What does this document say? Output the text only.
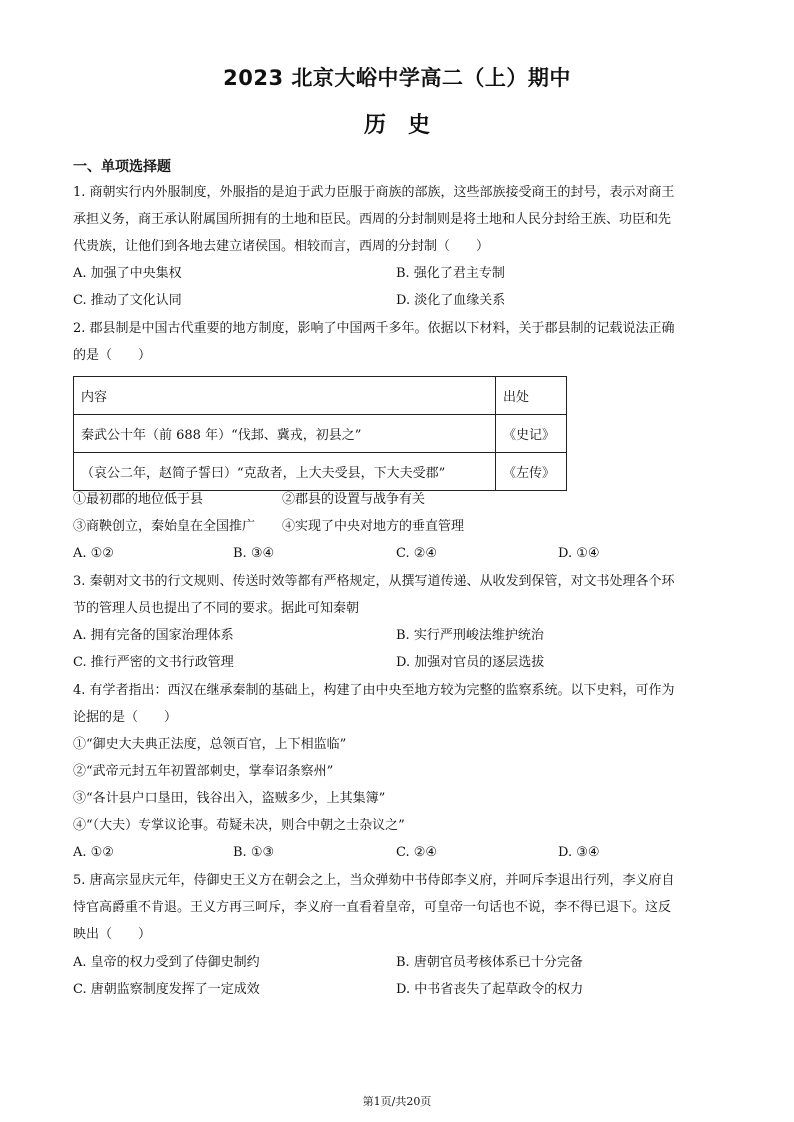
2023 北京大峪中学高二（上）期中
历　史
一、单项选择题
1. 商朝实行内外服制度，外服指的是迫于武力臣服于商族的部族，这些部族接受商王的封号，表示对商王
承担义务，商王承认附属国所拥有的土地和臣民。西周的分封制则是将土地和人民分封给王族、功臣和先
代贵族，让他们到各地去建立诸侯国。相较而言，西周的分封制（　　）
A. 加强了中央集权	B. 强化了君主专制
C. 推动了文化认同	D. 淡化了血缘关系
2. 郡县制是中国古代重要的地方制度，影响了中国两千多年。依据以下材料，关于郡县制的记载说法正确
的是（　　）
内容	出处
秦武公十年（前 688 年）“伐邽、冀戎，初县之”	《史记》
（哀公二年，赵简子誓曰）“克敌者，上大夫受县，下大夫受郡”	《左传》
①最初郡的地位低于县	②郡县的设置与战争有关
③商鞅创立，秦始皇在全国推广 ④实现了中央对地方的垂直管理
A. ①②	B. ③④	C. ②④	D. ①④
3. 秦朝对文书的行文规则、传送时效等都有严格规定，从撰写道传递、从收发到保管，对文书处理各个环
节的管理人员也提出了不同的要求。据此可知秦朝
A. 拥有完备的国家治理体系	B. 实行严刑峻法维护统治
C. 推行严密的文书行政管理	D. 加强对官员的逐层选拔
4. 有学者指出：西汉在继承秦制的基础上，构建了由中央至地方较为完整的监察系统。以下史料，可作为
论据的是（　　）
①“御史大夫典正法度，总领百官，上下相监临”
②“武帝元封五年初置部刺史，掌奉诏条察州”
③“各计县户口垦田，钱谷出入，盗贼多少，上其集簿”
④“（大夫）专掌议论事。苟疑未决，则合中朝之士杂议之”
A. ①②	B. ①③	C. ②④	D. ③④
5. 唐高宗显庆元年，侍御史王义方在朝会之上，当众弹劾中书侍郎李义府，并呵斥李退出行列，李义府自
恃官高爵重不肯退。王义方再三呵斥，李义府一直看着皇帝，可皇帝一句话也不说，李不得已退下。这反
映出（　　）
A. 皇帝的权力受到了侍御史制约	B. 唐朝官员考核体系已十分完备
C. 唐朝监察制度发挥了一定成效	D. 中书省丧失了起草政令的权力
第1页/共20页
